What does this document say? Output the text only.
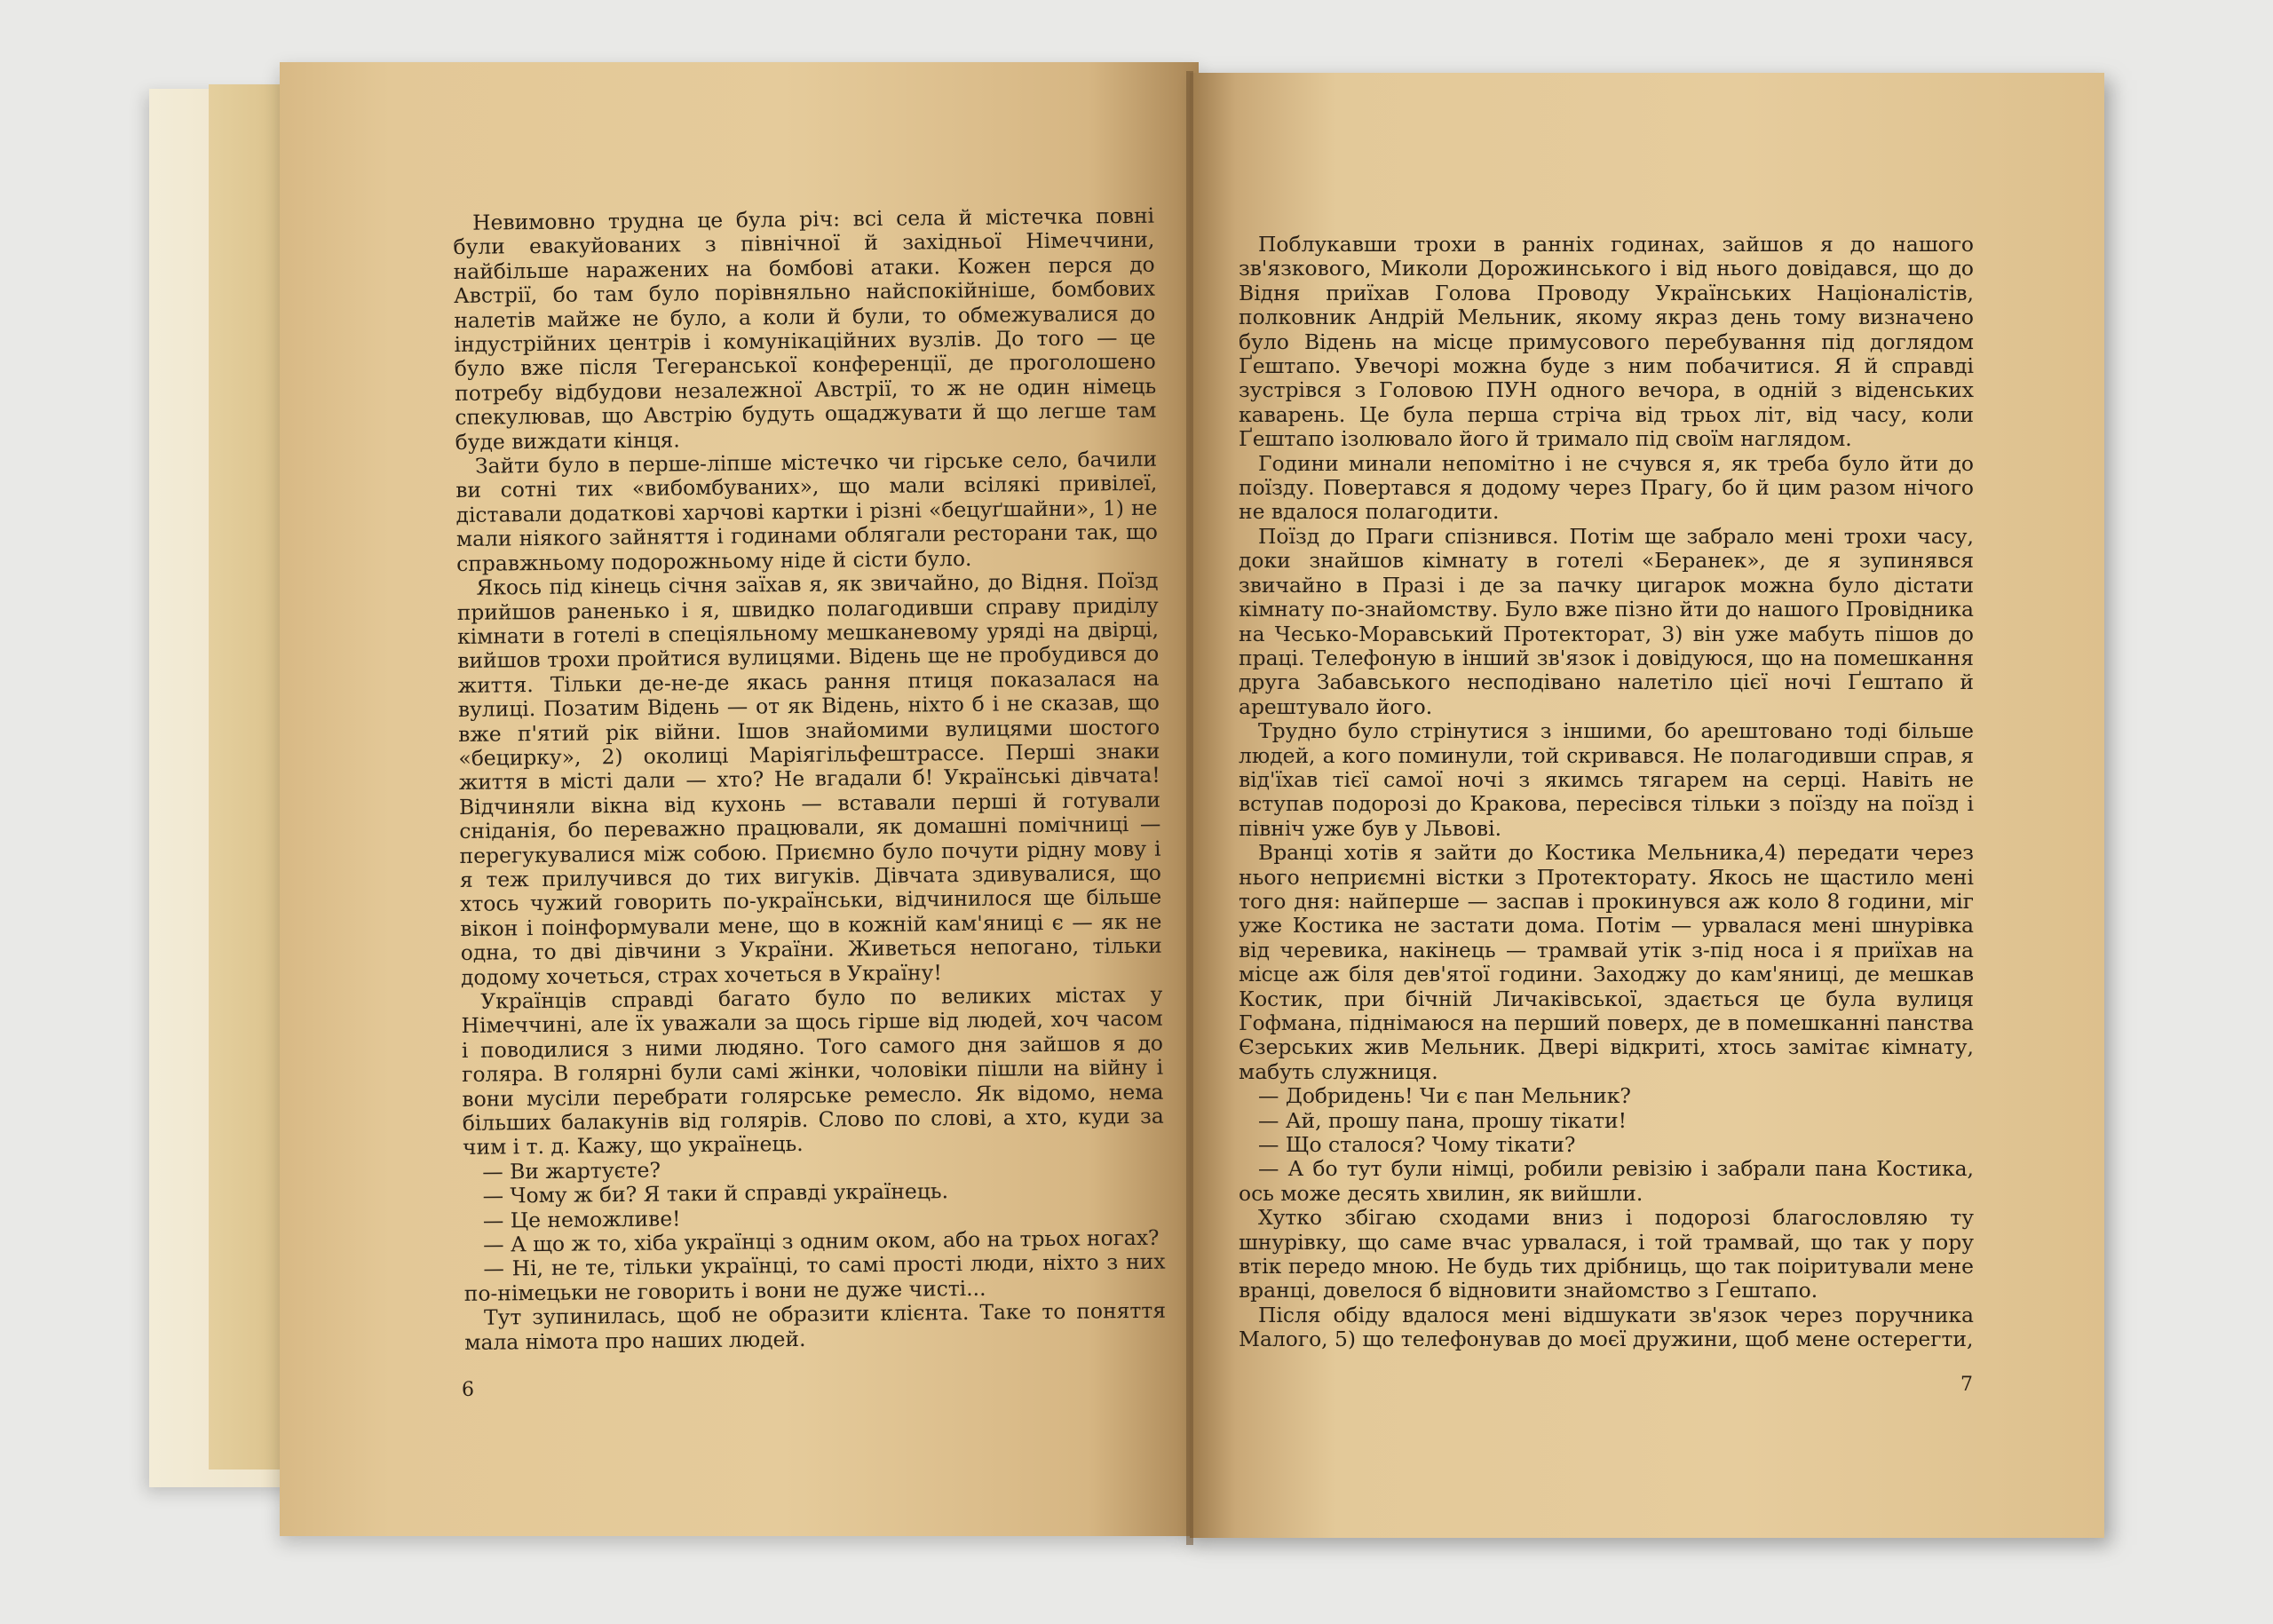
Невимовно трудна це була річ: всі села й містечка повні були евакуйованих з північної й західньої Німеччини, найбільше наражених на бомбові атаки. Кожен перся до Австрії, бо там було порівняльно найспокійніше, бомбових налетів майже не було, а коли й були, то обмежувалися до індустрійних центрів і комунікаційних вузлів. До того — це було вже після Тегеранської конференції, де проголошено потребу відбудови незалежної Австрії, то ж не один німець спекулював, що Австрію будуть ощаджувати й що легше там буде виждати кінця.

Зайти було в перше-ліпше містечко чи гірське село, бачили ви сотні тих «вибомбуваних», що мали всілякі привілеї, діставали додаткові харчові картки і різні «бецуґшайни», 1) не мали ніякого зайняття і годинами облягали ресторани так, що справжньому подорожньому ніде й сісти було.

Якось під кінець січня заїхав я, як звичайно, до Відня. Поїзд прийшов раненько і я, швидко полагодивши справу приділу кімнати в готелі в спеціяльному мешканевому уряді на двірці, вийшов трохи пройтися вулицями. Відень ще не пробудився до життя. Тільки де-не-де якась рання птиця показалася на вулиці. Позатим Відень — от як Відень, ніхто б і не сказав, що вже п'ятий рік війни. Ішов знайомими вулицями шостого «бецирку», 2) околиці Маріягільфештрассе. Перші знаки життя в місті дали — хто? Не вгадали б! Українські дівчата! Відчиняли вікна від кухонь — вставали перші й готували сніданія, бо переважно працювали, як домашні помічниці — перегукувалися між собою. Приємно було почути рідну мову і я теж прилучився до тих вигуків. Дівчата здивувалися, що хтось чужий говорить по-українськи, відчинилося ще більше вікон і поінформували мене, що в кожній кам'яниці є — як не одна, то дві дівчини з України. Живеться непогано, тільки додому хочеться, страх хочеться в Україну!

Українців справді багато було по великих містах у Німеччині, але їх уважали за щось гірше від людей, хоч часом і поводилися з ними людяно. Того самого дня зайшов я до голяра. В голярні були самі жінки, чоловіки пішли на війну і вони мусіли перебрати голярське ремесло. Як відомо, нема більших балакунів від голярів. Слово по слові, а хто, куди за чим і т. д. Кажу, що українець.

— Ви жартуєте?

— Чому ж би? Я таки й справді українець.

— Це неможливе!

— А що ж то, хіба українці з одним оком, або на трьох ногах?

— Ні, не те, тільки українці, то самі прості люди, ніхто з них по-німецьки не говорить і вони не дуже чисті...

Тут зупинилась, щоб не образити клієнта. Таке то поняття мала німота про наших людей.

6

Поблукавши трохи в ранніх годинах, зайшов я до нашого зв'язкового, Миколи Дорожинського і від нього довідався, що до Відня приїхав Голова Проводу Українських Націоналістів, полковник Андрій Мельник, якому якраз день тому визначено було Відень на місце примусового перебування під доглядом Ґештапо. Увечорі можна буде з ним побачитися. Я й справді зустрівся з Головою ПУН одного вечора, в одній з віденських каварень. Це була перша стріча від трьох літ, від часу, коли Ґештапо ізолювало його й тримало під своїм наглядом.

Години минали непомітно і не счувся я, як треба було йти до поїзду. Повертався я додому через Прагу, бо й цим разом нічого не вдалося полагодити.

Поїзд до Праги спізнився. Потім ще забрало мені трохи часу, доки знайшов кімнату в готелі «Беранек», де я зупинявся звичайно в Празі і де за пачку цигарок можна було дістати кімнату по-знайомству. Було вже пізно йти до нашого Провідника на Чесько-Моравський Протекторат, 3) він уже мабуть пішов до праці. Телефоную в інший зв'язок і довідуюся, що на помешкання друга Забавського несподівано налетіло цієї ночі Ґештапо й арештувало його.

Трудно було стрінутися з іншими, бо арештовано тоді більше людей, а кого поминули, той скривався. Не полагодивши справ, я від'їхав тієї самої ночі з якимсь тягарем на серці. Навіть не вступав подорозі до Кракова, пересівся тільки з поїзду на поїзд і північ уже був у Львові.

Вранці хотів я зайти до Костика Мельника,4) передати через нього неприємні вістки з Протекторату. Якось не щастило мені того дня: найперше — заспав і прокинувся аж коло 8 години, міг уже Костика не застати дома. Потім — урвалася мені шнурівка від черевика, накінець — трамвай утік з-під носа і я приїхав на місце аж біля дев'ятої години. Заходжу до кам'яниці, де мешкав Костик, при бічній Личаківської, здається це була вулиця Гофмана, піднімаюся на перший поверх, де в помешканні панства Єзерських жив Мельник. Двері відкриті, хтось замітає кімнату, мабуть служниця.

— Добридень! Чи є пан Мельник?

— Ай, прошу пана, прошу тікати!

— Що сталося? Чому тікати?

— А бо тут були німці, робили ревізію і забрали пана Костика, ось може десять хвилин, як вийшли.

Хутко збігаю сходами вниз і подорозі благословляю ту шнурівку, що саме вчас урвалася, і той трамвай, що так у пору втік передо мною. Не будь тих дрібниць, що так поіритували мене вранці, довелося б відновити знайомство з Ґештапо.

Після обіду вдалося мені відшукати зв'язок через поручника Малого, 5) що телефонував до моєї дружини, щоб мене остерегти,

7
